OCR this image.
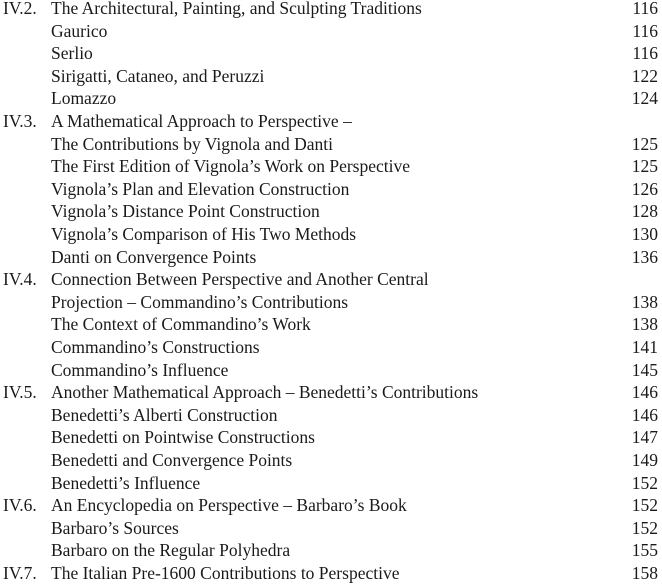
IV.2. The Architectural, Painting, and Sculpting Traditions	116
Gaurico	116
Serlio	116
Sirigatti, Cataneo, and Peruzzi	122
Lomazzo	124
IV.3. A Mathematical Approach to Perspective –
The Contributions by Vignola and Danti	125
The First Edition of Vignola’s Work on Perspective	125
Vignola’s Plan and Elevation Construction	126
Vignola’s Distance Point Construction	128
Vignola’s Comparison of His Two Methods	130
Danti on Convergence Points	136
IV.4. Connection Between Perspective and Another Central
Projection – Commandino’s Contributions	138
The Context of Commandino’s Work	138
Commandino’s Constructions	141
Commandino’s Influence	145
IV.5. Another Mathematical Approach – Benedetti’s Contributions	146
Benedetti’s Alberti Construction	146
Benedetti on Pointwise Constructions	147
Benedetti and Convergence Points	149
Benedetti’s Influence	152
IV.6. An Encyclopedia on Perspective – Barbaro’s Book	152
Barbaro’s Sources	152
Barbaro on the Regular Polyhedra	155
IV.7. The Italian Pre-1600 Contributions to Perspective	158
